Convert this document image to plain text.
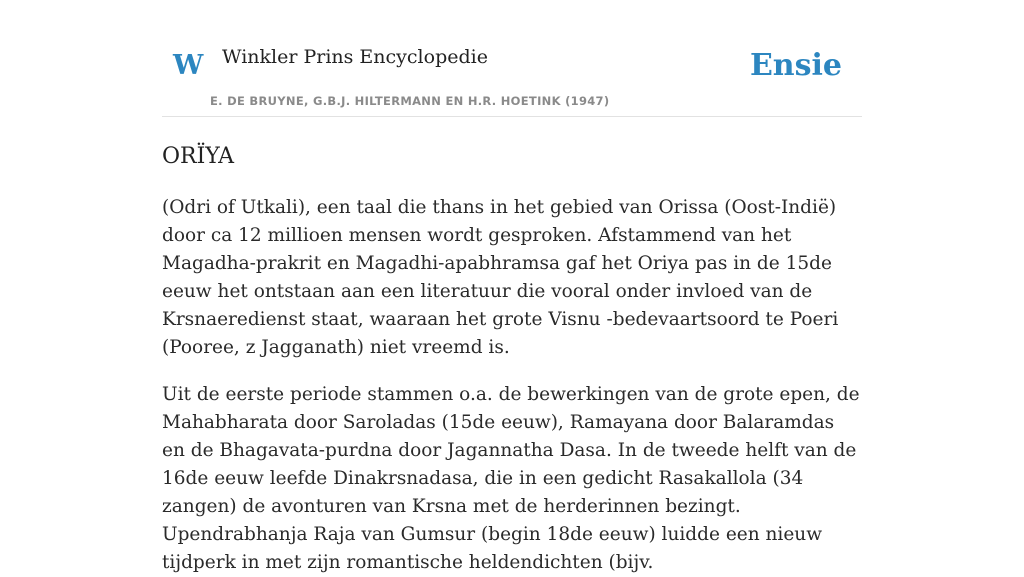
W Winkler Prins Encyclopedie
E. DE BRUYNE, G.B.J. HILTERMANN EN H.R. HOETINK (1947)
Ensie
ORÏYA

(Odri of Utkali), een taal die thans in het gebied van Orissa (Oost-Indië) door ca 12 millioen mensen wordt gesproken. Afstammend van het Magadha-prakrit en Magadhi-apabhramsa gaf het Oriya pas in de 15de eeuw het ontstaan aan een literatuur die vooral onder invloed van de Krsnaeredienst staat, waaraan het grote Visnu -bedevaartsoord te Poeri (Pooree, z Jagganath) niet vreemd is.

Uit de eerste periode stammen o.a. de bewerkingen van de grote epen, de Mahabharata door Saroladas (15de eeuw), Ramayana door Balaramdas en de Bhagavata-purdna door Jagannatha Dasa. In de tweede helft van de 16de eeuw leefde Dinakrsnadasa, die in een gedicht Rasakallola (34 zangen) de avonturen van Krsna met de herderinnen bezingt. Upendrabhanja Raja van Gumsur (begin 18de eeuw) luidde een nieuw tijdperk in met zijn romantische heldendichten (bijv.
